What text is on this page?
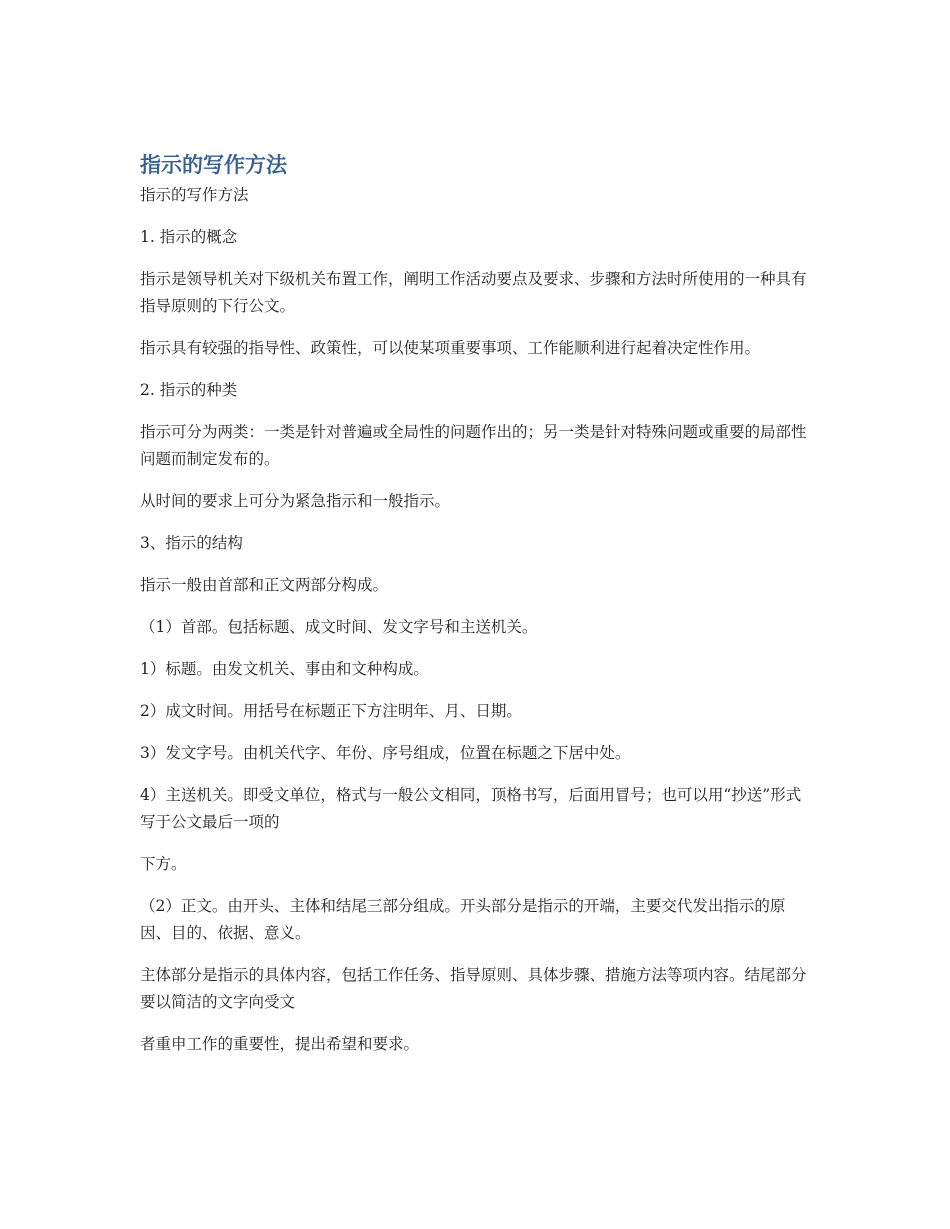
指示的写作方法

指示的写作方法

1. 指示的概念

指示是领导机关对下级机关布置工作，阐明工作活动要点及要求、步骤和方法时所使用的一种具有指导原则的下行公文。

指示具有较强的指导性、政策性，可以使某项重要事项、工作能顺利进行起着决定性作用。

2. 指示的种类

指示可分为两类：一类是针对普遍或全局性的问题作出的；另一类是针对特殊问题或重要的局部性问题而制定发布的。

从时间的要求上可分为紧急指示和一般指示。

3、指示的结构

指示一般由首部和正文两部分构成。

（1）首部。包括标题、成文时间、发文字号和主送机关。

1）标题。由发文机关、事由和文种构成。

2）成文时间。用括号在标题正下方注明年、月、日期。

3）发文字号。由机关代字、年份、序号组成，位置在标题之下居中处。

4）主送机关。即受文单位，格式与一般公文相同，顶格书写，后面用冒号；也可以用“抄送”形式写于公文最后一项的

下方。

（2）正文。由开头、主体和结尾三部分组成。开头部分是指示的开端，主要交代发出指示的原因、目的、依据、意义。

主体部分是指示的具体内容，包括工作任务、指导原则、具体步骤、措施方法等项内容。结尾部分要以简洁的文字向受文

者重申工作的重要性，提出希望和要求。
